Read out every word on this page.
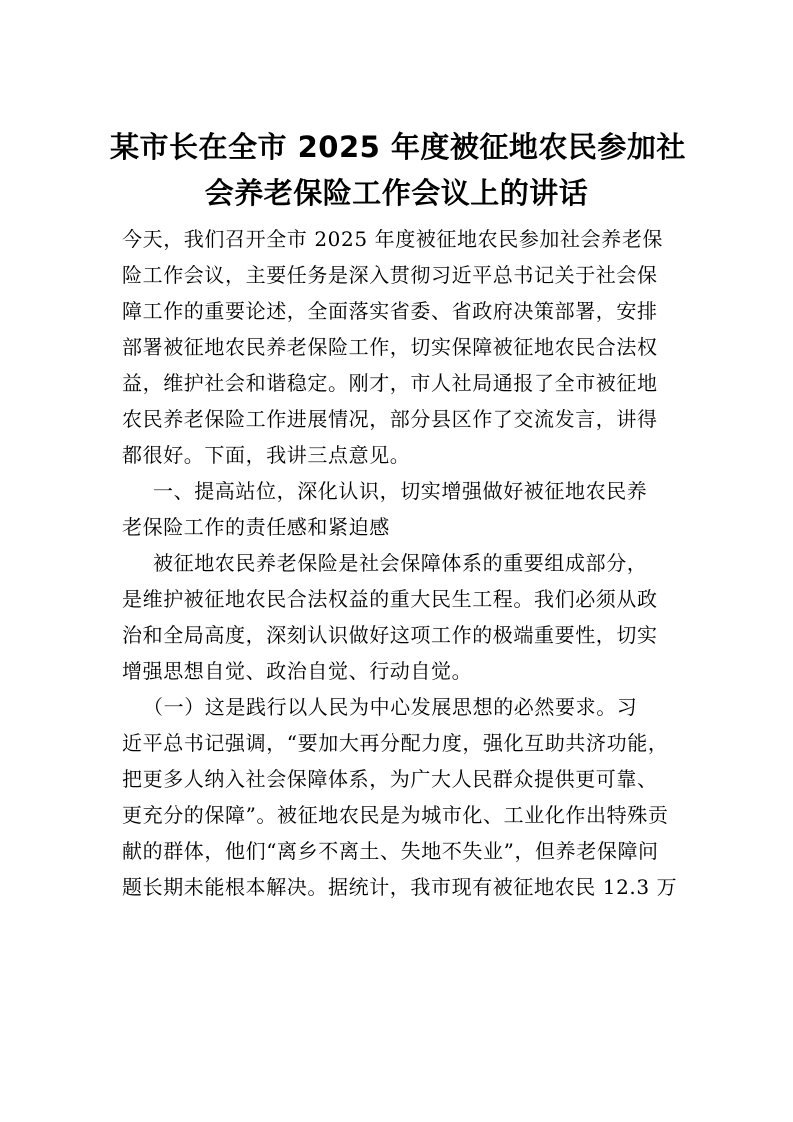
某市长在全市 2025 年度被征地农民参加社
会养老保险工作会议上的讲话

今天，我们召开全市 2025 年度被征地农民参加社会养老保
险工作会议，主要任务是深入贯彻习近平总书记关于社会保
障工作的重要论述，全面落实省委、省政府决策部署，安排
部署被征地农民养老保险工作，切实保障被征地农民合法权
益，维护社会和谐稳定。刚才，市人社局通报了全市被征地
农民养老保险工作进展情况，部分县区作了交流发言，讲得
都很好。下面，我讲三点意见。

一、提高站位，深化认识，切实增强做好被征地农民养
老保险工作的责任感和紧迫感

被征地农民养老保险是社会保障体系的重要组成部分，
是维护被征地农民合法权益的重大民生工程。我们必须从政
治和全局高度，深刻认识做好这项工作的极端重要性，切实
增强思想自觉、政治自觉、行动自觉。

（一）这是践行以人民为中心发展思想的必然要求。习
近平总书记强调，“要加大再分配力度，强化互助共济功能，
把更多人纳入社会保障体系，为广大人民群众提供更可靠、
更充分的保障”。被征地农民是为城市化、工业化作出特殊贡
献的群体，他们“离乡不离土、失地不失业”，但养老保障问
题长期未能根本解决。据统计，我市现有被征地农民 12.3 万
